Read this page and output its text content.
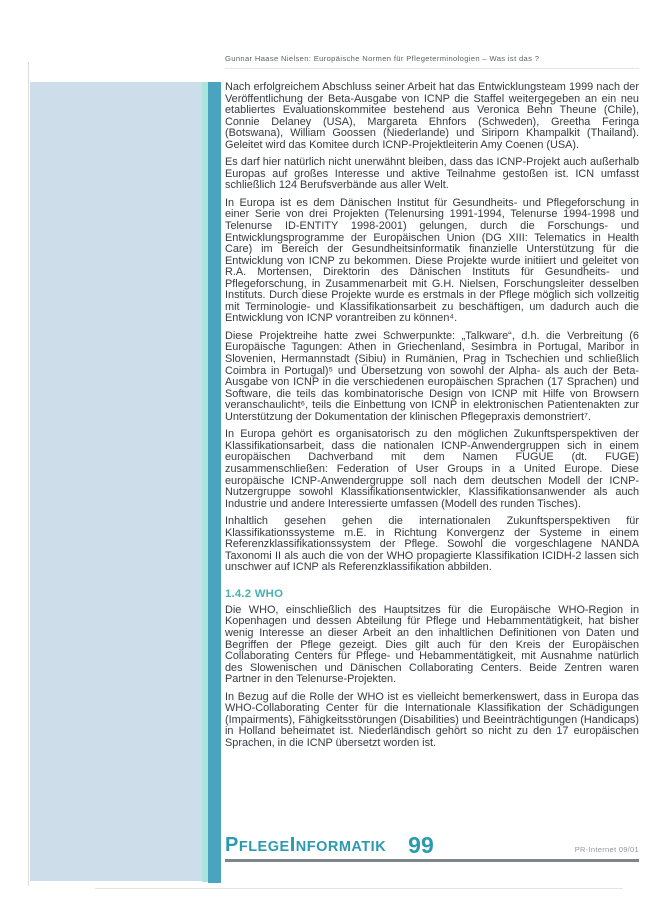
Gunnar Haase Nielsen: Europäische Normen für Pflegeterminologien – Was ist das ?

Nach erfolgreichem Abschluss seiner Arbeit hat das Entwicklungsteam 1999 nach der Veröffentlichung der Beta-Ausgabe von ICNP die Staffel weitergegeben an ein neu etabliertes Evaluationskommitee bestehend aus Veronica Behn Theune (Chile), Connie Delaney (USA), Margareta Ehnfors (Schweden), Greetha Feringa (Botswana), William Goossen (Niederlande) und Siriporn Khampalkit (Thailand). Geleitet wird das Komitee durch ICNP-Projektleiterin Amy Coenen (USA).

Es darf hier natürlich nicht unerwähnt bleiben, dass das ICNP-Projekt auch außerhalb Europas auf großes Interesse und aktive Teilnahme gestoßen ist. ICN umfasst schließlich 124 Berufsverbände aus aller Welt.

In Europa ist es dem Dänischen Institut für Gesundheits- und Pflegeforschung in einer Serie von drei Projekten (Telenursing 1991-1994, Telenurse 1994-1998 und Telenurse ID-ENTITY 1998-2001) gelungen, durch die Forschungs- und Entwicklungsprogramme der Europäischen Union (DG XIII: Telematics in Health Care) im Bereich der Gesundheitsinformatik finanzielle Unterstützung für die Entwicklung von ICNP zu bekommen. Diese Projekte wurde initiiert und geleitet von R.A. Mortensen, Direktorin des Dänischen Instituts für Gesundheits- und Pflegeforschung, in Zusammenarbeit mit G.H. Nielsen, Forschungsleiter desselben Instituts. Durch diese Projekte wurde es erstmals in der Pflege möglich sich vollzeitig mit Terminologie- und Klassifikationsarbeit zu beschäftigen, um dadurch auch die Entwicklung von ICNP vorantreiben zu können⁴.

Diese Projektreihe hatte zwei Schwerpunkte: „Talkware“, d.h. die Verbreitung (6 Europäische Tagungen: Athen in Griechenland, Sesimbra in Portugal, Maribor in Slovenien, Hermannstadt (Sibiu) in Rumänien, Prag in Tschechien und schließlich Coimbra in Portugal)⁵ und Übersetzung von sowohl der Alpha- als auch der Beta-Ausgabe von ICNP in die verschiedenen europäischen Sprachen (17 Sprachen) und Software, die teils das kombinatorische Design von ICNP mit Hilfe von Browsern veranschaulicht⁶, teils die Einbettung von ICNP in elektronischen Patientenakten zur Unterstützung der Dokumentation der klinischen Pflegepraxis demonstriert⁷.

In Europa gehört es organisatorisch zu den möglichen Zukunftsperspektiven der Klassifikationsarbeit, dass die nationalen ICNP-Anwendergruppen sich in einem europäischen Dachverband mit dem Namen FUGUE (dt. FUGE) zusammenschließen: Federation of User Groups in a United Europe. Diese europäische ICNP-Anwendergruppe soll nach dem deutschen Modell der ICNP-Nutzergruppe sowohl Klassifikationsentwickler, Klassifikationsanwender als auch Industrie und andere Interessierte umfassen (Modell des runden Tisches).

Inhaltlich gesehen gehen die internationalen Zukunftsperspektiven für Klassifikationssysteme m.E. in Richtung Konvergenz der Systeme in einem Referenzklassifikationssystem der Pflege. Sowohl die vorgeschlagene NANDA Taxonomi II als auch die von der WHO propagierte Klassifikation ICIDH-2 lassen sich unschwer auf ICNP als Referenzklassifikation abbilden.

1.4.2 WHO

Die WHO, einschließlich des Hauptsitzes für die Europäische WHO-Region in Kopenhagen und dessen Abteilung für Pflege und Hebammentätigkeit, hat bisher wenig Interesse an dieser Arbeit an den inhaltlichen Definitionen von Daten und Begriffen der Pflege gezeigt. Dies gilt auch für den Kreis der Europäischen Collaborating Centers für Pflege- und Hebammentätigkeit, mit Ausnahme natürlich des Slowenischen und Dänischen Collaborating Centers. Beide Zentren waren Partner in den Telenurse-Projekten.

In Bezug auf die Rolle der WHO ist es vielleicht bemerkenswert, dass in Europa das WHO-Collaborating Center für die Internationale Klassifikation der Schädigungen (Impairments), Fähigkeitsstörungen (Disabilities) und Beeinträchtigungen (Handicaps) in Holland beheimatet ist. Niederländisch gehört so nicht zu den 17 europäischen Sprachen, in die ICNP übersetzt worden ist.

PFLEGEINFORMATIK 99	PR-Internet 09/01
